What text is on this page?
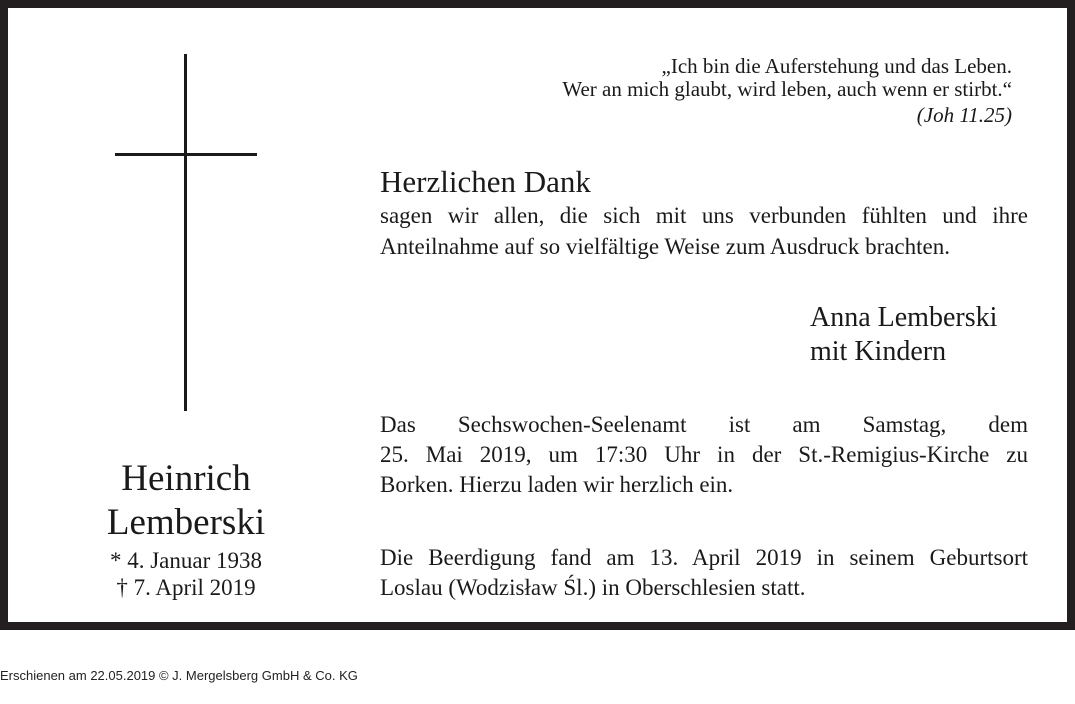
„Ich bin die Auferstehung und das Leben.
Wer an mich glaubt, wird leben, auch wenn er stirbt.“
(Joh 11.25)
Herzlichen Dank
sagen wir allen, die sich mit uns verbunden fühlten und ihre
Anteilnahme auf so vielfältige Weise zum Ausdruck brachten.
Anna Lemberski
mit Kindern
Das Sechswochen-Seelenamt ist am Samstag, dem
25. Mai 2019, um 17:30 Uhr in der St.-Remigius-Kirche zu
Borken. Hierzu laden wir herzlich ein.
Die Beerdigung fand am 13. April 2019 in seinem Geburtsort
Loslau (Wodzisław Śl.) in Oberschlesien statt.
Heinrich
Lemberski
* 4. Januar 1938
† 7. April 2019
Erschienen am 22.05.2019 © J. Mergelsberg GmbH & Co. KG
